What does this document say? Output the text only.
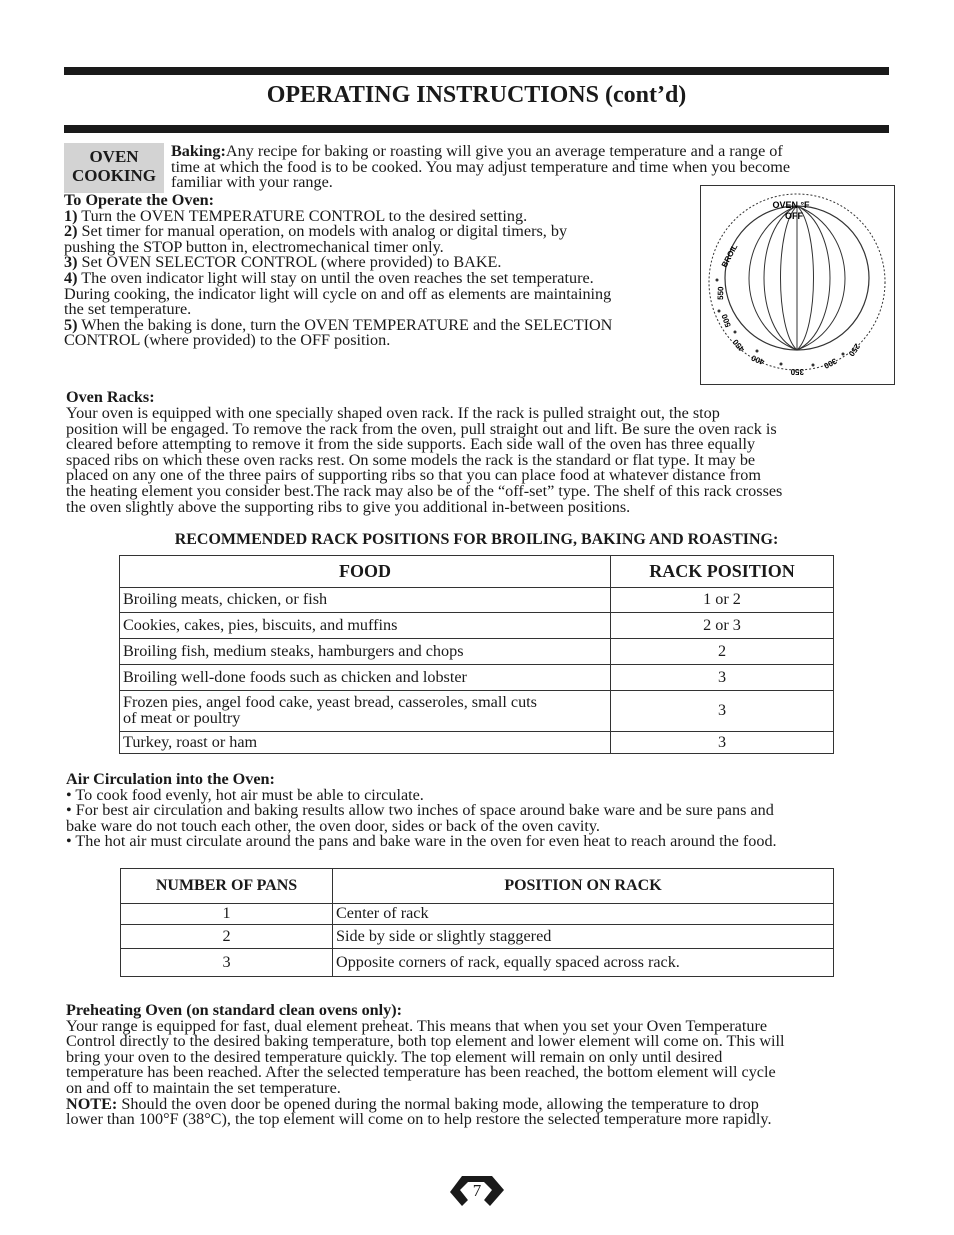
OPERATING INSTRUCTIONS (cont’d)
OVEN
COOKING
Baking:Any recipe for baking or roasting will give you an average temperature and a range of
time at which the food is to be cooked. You may adjust temperature and time when you become
familiar with your range.
To Operate the Oven:
1) Turn the OVEN TEMPERATURE CONTROL to the desired setting.
2) Set timer for manual operation, on models with analog or digital timers, by
pushing the STOP button in, electromechanical timer only.
3) Set OVEN SELECTOR CONTROL (where provided) to BAKE.
4) The oven indicator light will stay on until the oven reaches the set temperature.
During cooking, the indicator light will cycle on and off as elements are maintaining
the set temperature.
5) When the baking is done, turn the OVEN TEMPERATURE and the SELECTION
CONTROL (where provided) to the OFF position.
OVEN °F
OFF
BROIL
550
500
450
400
350
300
250
Oven Racks:
Your oven is equipped with one specially shaped oven rack. If the rack is pulled straight out, the stop
position will be engaged. To remove the rack from the oven, pull straight out and lift. Be sure the oven rack is
cleared before attempting to remove it from the side supports. Each side wall of the oven has three equally
spaced ribs on which these oven racks rest. On some models the rack is the standard or flat type. It may be
placed on any one of the three pairs of supporting ribs so that you can place food at whatever distance from
the heating element you consider best.The rack may also be of the “off-set” type. The shelf of this rack crosses
the oven slightly above the supporting ribs to give you additional in-between positions.
RECOMMENDED RACK POSITIONS FOR BROILING, BAKING AND ROASTING:
FOOD	RACK POSITION
Broiling meats, chicken, or fish	1 or 2
Cookies, cakes, pies, biscuits, and muffins	2 or 3
Broiling fish, medium steaks, hamburgers and chops	2
Broiling well-done foods such as chicken and lobster	3

Frozen pies, angel food cake, yeast bread, casseroles, small cuts
of meat or poultry	3
Turkey, roast or ham	3
Air Circulation into the Oven:
• To cook food evenly, hot air must be able to circulate.
• For best air circulation and baking results allow two inches of space around bake ware and be sure pans and
bake ware do not touch each other, the oven door, sides or back of the oven cavity.
• The hot air must circulate around the pans and bake ware in the oven for even heat to reach around the food.
NUMBER OF PANS	POSITION ON RACK
1	Center of rack
2	Side by side or slightly staggered
3	Opposite corners of rack, equally spaced across rack.
Preheating Oven (on standard clean ovens only):
Your range is equipped for fast, dual element preheat. This means that when you set your Oven Temperature
Control directly to the desired baking temperature, both top element and lower element will come on. This will
bring your oven to the desired temperature quickly. The top element will remain on only until desired
temperature has been reached. After the selected temperature has been reached, the bottom element will cycle
on and off to maintain the set temperature.
NOTE: Should the oven door be opened during the normal baking mode, allowing the temperature to drop
lower than 100°F (38°C), the top element will come on to help restore the selected temperature more rapidly.
7
